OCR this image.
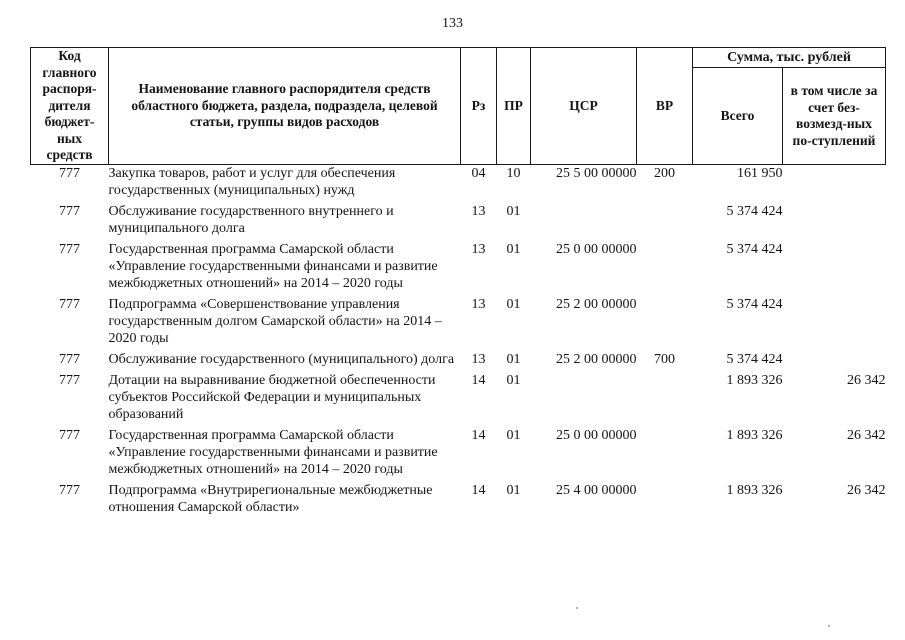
133
Код главного распоря-дителя бюджет-ных средств	Наименование главного распорядителя средств областного бюджета, раздела, подраздела, целевой статьи, группы видов расходов	Рз	ПР	ЦСР	ВР	Сумма, тыс. рублей	
						Всего	в том числе за счет без-возмезд-ных по-ступлений
777	Закупка товаров, работ и услуг для обеспечения государственных (муниципальных) нужд	04	10	25 5 00 00000	200	161 950	

777	Обслуживание государственного внутреннего и муниципального долга	13	01			5 374 424	

777	Государственная программа Самарской области «Управление государственными финансами и развитие межбюджетных отношений» на 2014 – 2020 годы	13	01	25 0 00 00000		5 374 424	

777	Подпрограмма «Совершенствование управления государственным долгом Самарской области» на 2014 – 2020 годы	13	01	25 2 00 00000		5 374 424	

777	Обслуживание государственного (муниципального) долга	13	01	25 2 00 00000	700	5 374 424	

777	Дотации на выравнивание бюджетной обеспеченности субъектов Российской Федерации и муниципальных образований	14	01			1 893 326	26 342

777	Государственная программа Самарской области «Управление государственными финансами и развитие межбюджетных отношений» на 2014 – 2020 годы	14	01	25 0 00 00000		1 893 326	26 342

777	Подпрограмма «Внутрирегиональные межбюджетные отношения Самарской области»	14	01	25 4 00 00000		1 893 326	26 342
